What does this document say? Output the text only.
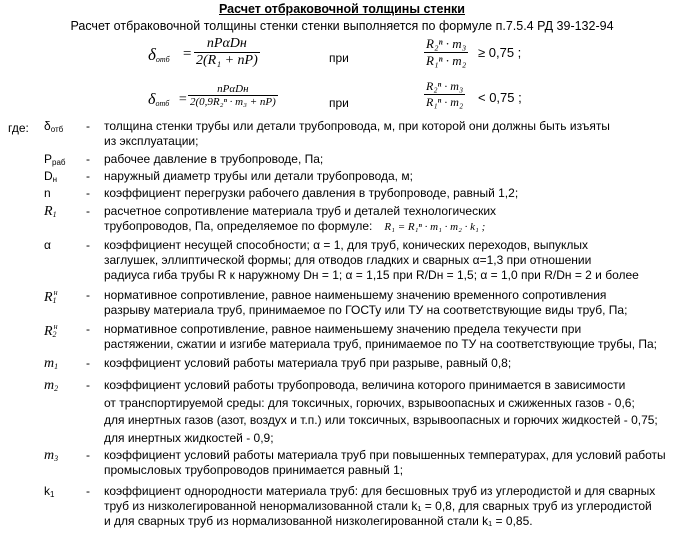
Расчет отбраковочной толщины стенки
Расчет отбраковочной толщины стенки стенки выполняется по формуле п.7.5.4 РД 39-132-94
$\delta_{отб}$ =
nPαDн
2(R₁ + nP)	при	$\frac{\text{R₂ⁿ · m₃}}{\text{R₁ⁿ · m₂}} \ge 0,75$ ;
$\delta_{отб}$ =
nPαDн
2(0,9R₂ⁿ · m₃ + nP)	при	$\frac{\text{R₂ⁿ · m₃}}{\text{R₁ⁿ · m₂}} < 0,75$ ;
где: $\delta_{отб}$ - толщина стенки трубы или детали трубопровода, м, при которой они должны быть изъяты
из эксплуатации;
$P_{раб}$ - рабочее давление в трубопроводе, Па;
$D_н$ - наружный диаметр трубы или детали трубопровода, м;
n	- коэффициент перегрузки рабочего давления в трубопроводе, равный 1,2;
$R_1$ - расчетное сопротивление материала труб и деталей технологических
трубопроводов, Па, определяемое по формуле: R₁ = R₁ⁿ · m₁ · m₂ · k₁ ;
α	- коэффициент несущей способности; α = 1, для труб, конических переходов, выпуклых
заглушек, эллиптической формы; для отводов гладких и сварных α=1,3 при отношении
радиуса гиба трубы R к наружному Dн = 1; α = 1,15 при R/Dн = 1,5; α = 1,0 при R/Dн = 2 и более
$R^н_1$ - нормативное сопротивление, равное наименьшему значению временного сопротивления
разрыву материала труб, принимаемое по ГОСТу или ТУ на соответствующие виды труб, Па;
$R^н_2$ - нормативное сопротивление, равное наименьшему значению предела текучести при
растяжении, сжатии и изгибе материала труб, принимаемое по ТУ на соответствующие трубы, Па;
$m_1$ - коэффициент условий работы материала труб при разрыве, равный 0,8;
$m_2$ - коэффициент условий работы трубопровода, величина которого принимается в зависимости
от транспортируемой среды: для токсичных, горючих, взрывоопасных и сжиженных газов - 0,6;
для инертных газов (азот, воздух и т.п.) или токсичных, взрывоопасных и горючих жидкостей - 0,75;
для инертных жидкостей - 0,9;
$m_3$ - коэффициент условий работы материала труб при повышенных температурах, для условий работы
промысловых трубопроводов принимается равный 1;
$k_1$	- коэффициент однородности материала труб: для бесшовных труб из углеродистой и для сварных
труб из низколегированной ненормализованной стали k₁ = 0,8, для сварных труб из углеродистой
и для сварных труб из нормализованной низколегированной стали k₁ = 0,85.
